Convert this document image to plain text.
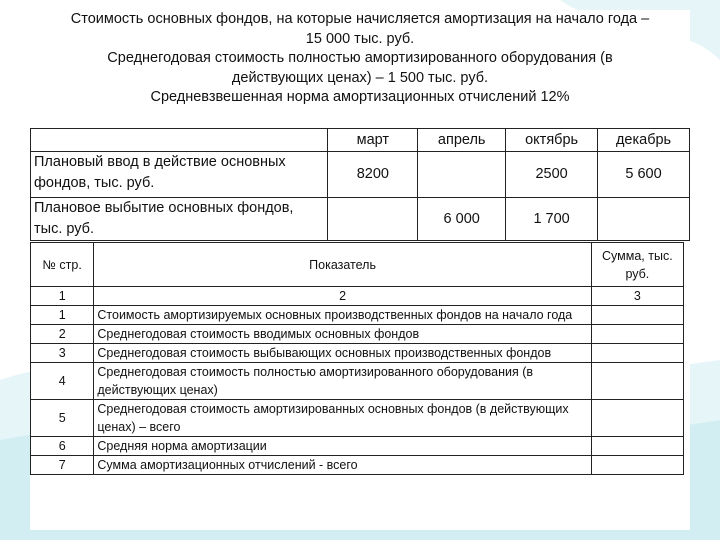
Стоимость основных фондов, на которые начисляется амортизация на начало года –

15 000 тыс. руб.

Среднегодовая стоимость полностью амортизированного оборудования (в

действующих ценах) – 1 500 тыс. руб.

Средневзвешенная норма амортизационных отчислений 12%

	март	апрель	октябрь	декабрь
Плановый ввод в действие основных фондов, тыс. руб.	8200		2500	5 600
Плановое выбытие основных фондов, тыс. руб.		6 000	1 700	
№ стр.	Показатель	Сумма, тыс. руб.
1	2	3
1	Стоимость амортизируемых основных производственных фондов на начало года	
2	Среднегодовая стоимость вводимых основных фондов	
3	Среднегодовая стоимость выбывающих основных производственных фондов	
4	Среднегодовая стоимость полностью амортизированного оборудования (в действующих ценах)	
5	Среднегодовая стоимость амортизированных основных фондов (в действующих ценах) – всего	
6	Средняя норма амортизации	
7	Сумма амортизационных отчислений - всего	
